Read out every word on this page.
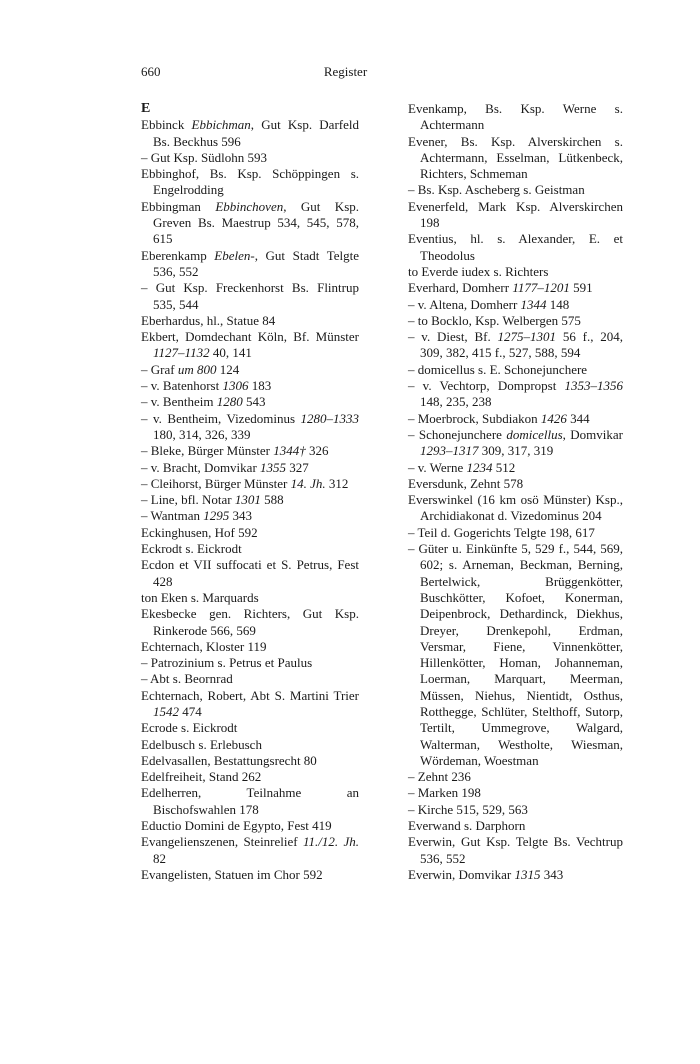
660	Register

E

Ebbinck Ebbichman, Gut Ksp. Darfeld Bs. Beckhus 596

– Gut Ksp. Südlohn 593

Ebbinghof, Bs. Ksp. Schöppingen s. Engelrodding

Ebbingman Ebbinchoven, Gut Ksp. Greven Bs. Maestrup 534, 545, 578, 615

Eberenkamp Ebelen-, Gut Stadt Telgte 536, 552

– Gut Ksp. Freckenhorst Bs. Flintrup 535, 544

Eberhardus, hl., Statue 84

Ekbert, Domdechant Köln, Bf. Münster 1127–1132 40, 141

– Graf um 800 124

– v. Batenhorst 1306 183

– v. Bentheim 1280 543

– v. Bentheim, Vizedominus 1280–1333 180, 314, 326, 339

– Bleke, Bürger Münster 1344† 326

– v. Bracht, Domvikar 1355 327

– Cleihorst, Bürger Münster 14. Jh. 312

– Line, bfl. Notar 1301 588

– Wantman 1295 343

Eckinghusen, Hof 592

Eckrodt s. Eickrodt

Ecdon et VII suffocati et S. Petrus, Fest 428

ton Eken s. Marquards

Ekesbecke gen. Richters, Gut Ksp. Rinkerode 566, 569

Echternach, Kloster 119

– Patrozinium s. Petrus et Paulus

– Abt s. Beornrad

Echternach, Robert, Abt S. Martini Trier 1542 474

Ecrode s. Eickrodt

Edelbusch s. Erlebusch

Edelvasallen, Bestattungsrecht 80

Edelfreiheit, Stand 262

Edelherren, Teilnahme an Bischofswahlen 178

Eductio Domini de Egypto, Fest 419

Evangelienszenen, Steinrelief 11./12. Jh. 82

Evangelisten, Statuen im Chor 592

Evenkamp, Bs. Ksp. Werne s. Achtermann

Evener, Bs. Ksp. Alverskirchen s. Achtermann, Esselman, Lütkenbeck, Richters, Schmeman

– Bs. Ksp. Ascheberg s. Geistman

Evenerfeld, Mark Ksp. Alverskirchen 198

Eventius, hl. s. Alexander, E. et Theodolus

to Everde iudex s. Richters

Everhard, Domherr 1177–1201 591

– v. Altena, Domherr 1344 148

– to Bocklo, Ksp. Welbergen 575

– v. Diest, Bf. 1275–1301 56 f., 204, 309, 382, 415 f., 527, 588, 594

– domicellus s. E. Schonejunchere

– v. Vechtorp, Dompropst 1353–1356 148, 235, 238

– Moerbrock, Subdiakon 1426 344

– Schonejunchere domicellus, Domvikar 1293–1317 309, 317, 319

– v. Werne 1234 512

Eversdunk, Zehnt 578

Everswinkel (16 km osö Münster) Ksp., Archidiakonat d. Vizedominus 204

– Teil d. Gogerichts Telgte 198, 617

– Güter u. Einkünfte 5, 529 f., 544, 569, 602; s. Arneman, Beckman, Berning, Bertelwick, Brüggenkötter, Buschkötter, Kofoet, Konerman, Deipenbrock, Dethardinck, Diekhus, Dreyer, Drenkepohl, Erdman, Versmar, Fiene, Vinnenkötter, Hillenkötter, Homan, Johanneman, Loerman, Marquart, Meerman, Müssen, Niehus, Nientidt, Osthus, Rotthegge, Schlüter, Stelthoff, Sutorp, Tertilt, Ummegrove, Walgard, Walterman, Westholte, Wiesman, Wördeman, Woestman

– Zehnt 236

– Marken 198

– Kirche 515, 529, 563

Everwand s. Darphorn

Everwin, Gut Ksp. Telgte Bs. Vechtrup 536, 552

Everwin, Domvikar 1315 343
